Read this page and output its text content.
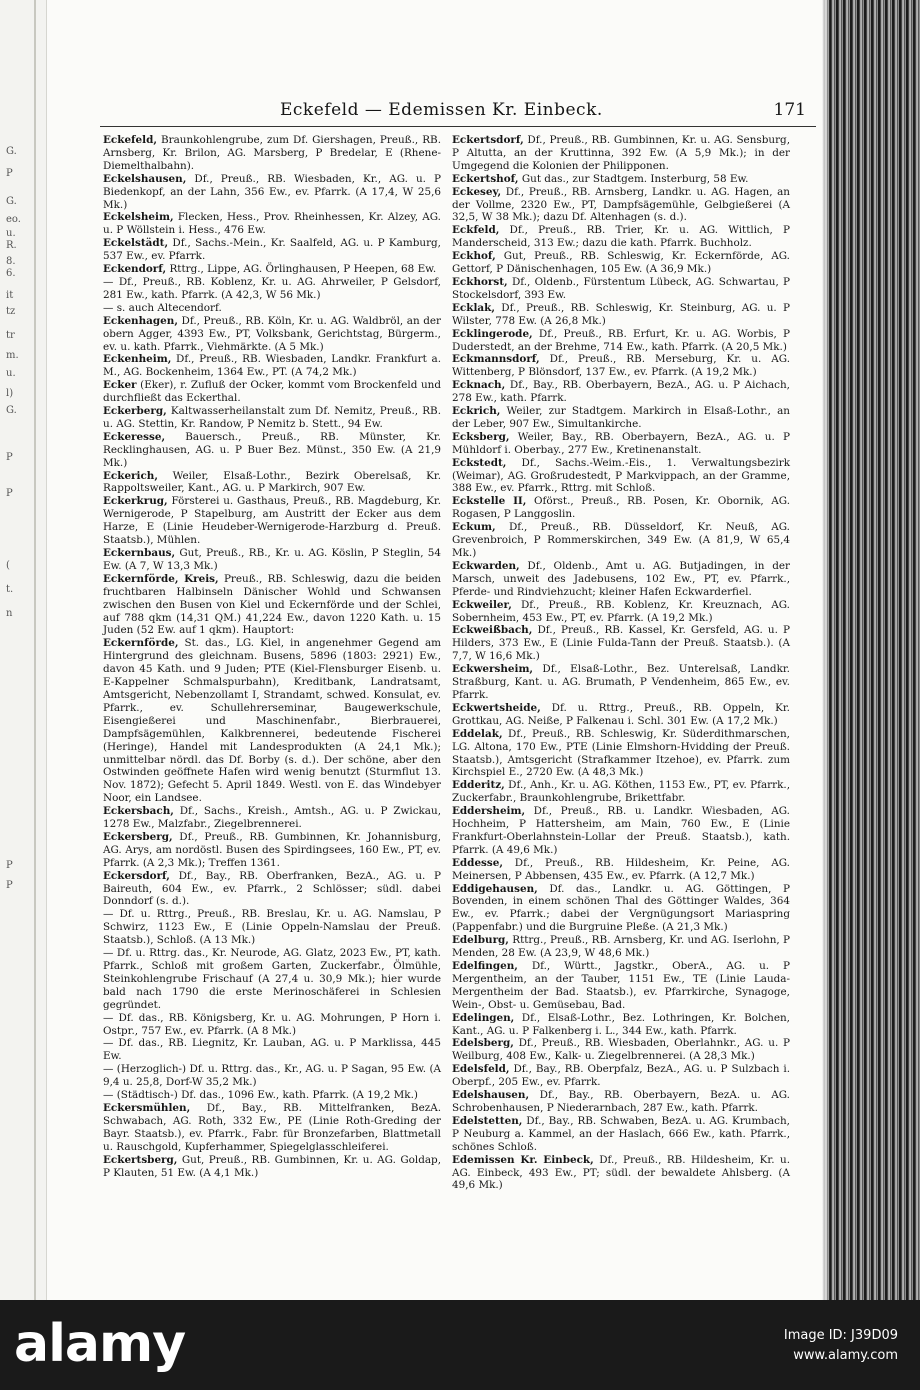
G.
P
G.
eo.
u.
R.
8.
6.
it
tz
tr
m.
u.
l)
G.
P
P
(
t.
n
P
P
Eckefeld — Edemissen Kr. Einbeck.	171

Eckefeld, Braunkohlengrube, zum Df. Giershagen, Preuß., RB. Arnsberg, Kr. Brilon, AG. Marsberg, P Bredelar, E (Rhene-Diemelthalbahn).

Eckelshausen, Df., Preuß., RB. Wiesbaden, Kr., AG. u. P Biedenkopf, an der Lahn, 356 Ew., ev. Pfarrk. (A 17,4, W 25,6 Mk.)

Eckelsheim, Flecken, Hess., Prov. Rheinhessen, Kr. Alzey, AG. u. P Wöllstein i. Hess., 476 Ew.

Eckelstädt, Df., Sachs.-Mein., Kr. Saalfeld, AG. u. P Kamburg, 537 Ew., ev. Pfarrk.

Eckendorf, Rttrg., Lippe, AG. Örlinghausen, P Heepen, 68 Ew.

— Df., Preuß., RB. Koblenz, Kr. u. AG. Ahrweiler, P Gelsdorf, 281 Ew., kath. Pfarrk. (A 42,3, W 56 Mk.)

— s. auch Altecendorf.

Eckenhagen, Df., Preuß., RB. Köln, Kr. u. AG. Waldbröl, an der obern Agger, 4393 Ew., PT, Volksbank, Gerichtstag, Bürgerm., ev. u. kath. Pfarrk., Viehmärkte. (A 5 Mk.)

Eckenheim, Df., Preuß., RB. Wiesbaden, Landkr. Frankfurt a. M., AG. Bockenheim, 1364 Ew., PT. (A 74,2 Mk.)

Ecker (Eker), r. Zufluß der Ocker, kommt vom Brockenfeld und durchfließt das Eckerthal.

Eckerberg, Kaltwasserheilanstalt zum Df. Nemitz, Preuß., RB. u. AG. Stettin, Kr. Randow, P Nemitz b. Stett., 94 Ew.

Eckeresse, Bauersch., Preuß., RB. Münster, Kr. Recklinghausen, AG. u. P Buer Bez. Münst., 350 Ew. (A 21,9 Mk.)

Eckerich, Weiler, Elsaß-Lothr., Bezirk Oberelsaß, Kr. Rappoltsweiler, Kant., AG. u. P Markirch, 907 Ew.

Eckerkrug, Försterei u. Gasthaus, Preuß., RB. Magdeburg, Kr. Wernigerode, P Stapelburg, am Austritt der Ecker aus dem Harze, E (Linie Heudeber-Wernigerode-Harzburg d. Preuß. Staatsb.), Mühlen.

Eckernbaus, Gut, Preuß., RB., Kr. u. AG. Köslin, P Steglin, 54 Ew. (A 7, W 13,3 Mk.)

Eckernförde, Kreis, Preuß., RB. Schleswig, dazu die beiden fruchtbaren Halbinseln Dänischer Wohld und Schwansen zwischen den Busen von Kiel und Eckernförde und der Schlei, auf 788 qkm (14,31 QM.) 41,224 Ew., davon 1220 Kath. u. 15 Juden (52 Ew. auf 1 qkm). Hauptort:

Eckernförde, St. das., LG. Kiel, in angenehmer Gegend am Hintergrund des gleichnam. Busens, 5896 (1803: 2921) Ew., davon 45 Kath. und 9 Juden; PTE (Kiel-Flensburger Eisenb. u. E-Kappelner Schmalspurbahn), Kreditbank, Landratsamt, Amtsgericht, Nebenzollamt I, Strandamt, schwed. Konsulat, ev. Pfarrk., ev. Schullehrerseminar, Baugewerkschule, Eisengießerei und Maschinenfabr., Bierbrauerei, Dampfsägemühlen, Kalkbrennerei, bedeutende Fischerei (Heringe), Handel mit Landesprodukten (A 24,1 Mk.); unmittelbar nördl. das Df. Borby (s. d.). Der schöne, aber den Ostwinden geöffnete Hafen wird wenig benutzt (Sturmflut 13. Nov. 1872); Gefecht 5. April 1849. Westl. von E. das Windebyer Noor, ein Landsee.

Eckersbach, Df., Sachs., Kreish., Amtsh., AG. u. P Zwickau, 1278 Ew., Malzfabr., Ziegelbrennerei.

Eckersberg, Df., Preuß., RB. Gumbinnen, Kr. Johannisburg, AG. Arys, am nordöstl. Busen des Spirdingsees, 160 Ew., PT, ev. Pfarrk. (A 2,3 Mk.); Treffen 1361.

Eckersdorf, Df., Bay., RB. Oberfranken, BezA., AG. u. P Baireuth, 604 Ew., ev. Pfarrk., 2 Schlösser; südl. dabei Donndorf (s. d.).

— Df. u. Rttrg., Preuß., RB. Breslau, Kr. u. AG. Namslau, P Schwirz, 1123 Ew., E (Linie Oppeln-Namslau der Preuß. Staatsb.), Schloß. (A 13 Mk.)

— Df. u. Rttrg. das., Kr. Neurode, AG. Glatz, 2023 Ew., PT, kath. Pfarrk., Schloß mit großem Garten, Zuckerfabr., Ölmühle, Steinkohlengrube Frischauf (A 27,4 u. 30,9 Mk.); hier wurde bald nach 1790 die erste Merinoschäferei in Schlesien gegründet.

— Df. das., RB. Königsberg, Kr. u. AG. Mohrungen, P Horn i. Ostpr., 757 Ew., ev. Pfarrk. (A 8 Mk.)

— Df. das., RB. Liegnitz, Kr. Lauban, AG. u. P Marklissa, 445 Ew.

— (Herzoglich-) Df. u. Rttrg. das., Kr., AG. u. P Sagan, 95 Ew. (A 9,4 u. 25,8, Dorf-W 35,2 Mk.)

— (Städtisch-) Df. das., 1096 Ew., kath. Pfarrk. (A 19,2 Mk.)

Eckersmühlen, Df., Bay., RB. Mittelfranken, BezA. Schwabach, AG. Roth, 332 Ew., PE (Linie Roth-Greding der Bayr. Staatsb.), ev. Pfarrk., Fabr. für Bronzefarben, Blattmetall u. Rauschgold, Kupferhammer, Spiegelglasschleiferei.

Eckertsberg, Gut, Preuß., RB. Gumbinnen, Kr. u. AG. Goldap, P Klauten, 51 Ew. (A 4,1 Mk.)

Eckertsdorf, Df., Preuß., RB. Gumbinnen, Kr. u. AG. Sensburg, P Altutta, an der Kruttinna, 392 Ew. (A 5,9 Mk.); in der Umgegend die Kolonien der Philipponen.

Eckertshof, Gut das., zur Stadtgem. Insterburg, 58 Ew.

Eckesey, Df., Preuß., RB. Arnsberg, Landkr. u. AG. Hagen, an der Vollme, 2320 Ew., PT, Dampfsägemühle, Gelbgießerei (A 32,5, W 38 Mk.); dazu Df. Altenhagen (s. d.).

Eckfeld, Df., Preuß., RB. Trier, Kr. u. AG. Wittlich, P Manderscheid, 313 Ew.; dazu die kath. Pfarrk. Buchholz.

Eckhof, Gut, Preuß., RB. Schleswig, Kr. Eckernförde, AG. Gettorf, P Dänischenhagen, 105 Ew. (A 36,9 Mk.)

Eckhorst, Df., Oldenb., Fürstentum Lübeck, AG. Schwartau, P Stockelsdorf, 393 Ew.

Ecklak, Df., Preuß., RB. Schleswig, Kr. Steinburg, AG. u. P Wilster, 778 Ew. (A 26,8 Mk.)

Ecklingerode, Df., Preuß., RB. Erfurt, Kr. u. AG. Worbis, P Duderstedt, an der Brehme, 714 Ew., kath. Pfarrk. (A 20,5 Mk.)

Eckmannsdorf, Df., Preuß., RB. Merseburg, Kr. u. AG. Wittenberg, P Blönsdorf, 137 Ew., ev. Pfarrk. (A 19,2 Mk.)

Ecknach, Df., Bay., RB. Oberbayern, BezA., AG. u. P Aichach, 278 Ew., kath. Pfarrk.

Eckrich, Weiler, zur Stadtgem. Markirch in Elsaß-Lothr., an der Leber, 907 Ew., Simultankirche.

Ecksberg, Weiler, Bay., RB. Oberbayern, BezA., AG. u. P Mühldorf i. Oberbay., 277 Ew., Kretinenanstalt.

Eckstedt, Df., Sachs.-Weim.-Eis., 1. Verwaltungsbezirk (Weimar), AG. Großrudestedt, P Markvippach, an der Gramme, 388 Ew., ev. Pfarrk., Rttrg. mit Schloß.

Eckstelle II, Oförst., Preuß., RB. Posen, Kr. Obornik, AG. Rogasen, P Langgoslin.

Eckum, Df., Preuß., RB. Düsseldorf, Kr. Neuß, AG. Grevenbroich, P Rommerskirchen, 349 Ew. (A 81,9, W 65,4 Mk.)

Eckwarden, Df., Oldenb., Amt u. AG. Butjadingen, in der Marsch, unweit des Jadebusens, 102 Ew., PT, ev. Pfarrk., Pferde- und Rindviehzucht; kleiner Hafen Eckwarderfiel.

Eckweiler, Df., Preuß., RB. Koblenz, Kr. Kreuznach, AG. Sobernheim, 453 Ew., PT, ev. Pfarrk. (A 19,2 Mk.)

Eckweißbach, Df., Preuß., RB. Kassel, Kr. Gersfeld, AG. u. P Hilders, 373 Ew., E (Linie Fulda-Tann der Preuß. Staatsb.). (A 7,7, W 16,6 Mk.)

Eckwersheim, Df., Elsaß-Lothr., Bez. Unterelsaß, Landkr. Straßburg, Kant. u. AG. Brumath, P Vendenheim, 865 Ew., ev. Pfarrk.

Eckwertsheide, Df. u. Rttrg., Preuß., RB. Oppeln, Kr. Grottkau, AG. Neiße, P Falkenau i. Schl. 301 Ew. (A 17,2 Mk.)

Eddelak, Df., Preuß., RB. Schleswig, Kr. Süderdithmarschen, LG. Altona, 170 Ew., PTE (Linie Elmshorn-Hvidding der Preuß. Staatsb.), Amtsgericht (Strafkammer Itzehoe), ev. Pfarrk. zum Kirchspiel E., 2720 Ew. (A 48,3 Mk.)

Edderitz, Df., Anh., Kr. u. AG. Köthen, 1153 Ew., PT, ev. Pfarrk., Zuckerfabr., Braunkohlengrube, Brikettfabr.

Eddersheim, Df., Preuß., RB. u. Landkr. Wiesbaden, AG. Hochheim, P Hattersheim, am Main, 760 Ew., E (Linie Frankfurt-Oberlahnstein-Lollar der Preuß. Staatsb.), kath. Pfarrk. (A 49,6 Mk.)

Eddesse, Df., Preuß., RB. Hildesheim, Kr. Peine, AG. Meinersen, P Abbensen, 435 Ew., ev. Pfarrk. (A 12,7 Mk.)

Eddigehausen, Df. das., Landkr. u. AG. Göttingen, P Bovenden, in einem schönen Thal des Göttinger Waldes, 364 Ew., ev. Pfarrk.; dabei der Vergnügungsort Mariaspring (Pappenfabr.) und die Burgruine Pleße. (A 21,3 Mk.)

Edelburg, Rttrg., Preuß., RB. Arnsberg, Kr. und AG. Iserlohn, P Menden, 28 Ew. (A 23,9, W 48,6 Mk.)

Edelfingen, Df., Württ., Jagstkr., OberA., AG. u. P Mergentheim, an der Tauber, 1151 Ew., TE (Linie Lauda-Mergentheim der Bad. Staatsb.), ev. Pfarrkirche, Synagoge, Wein-, Obst- u. Gemüsebau, Bad.

Edelingen, Df., Elsaß-Lothr., Bez. Lothringen, Kr. Bolchen, Kant., AG. u. P Falkenberg i. L., 344 Ew., kath. Pfarrk.

Edelsberg, Df., Preuß., RB. Wiesbaden, Oberlahnkr., AG. u. P Weilburg, 408 Ew., Kalk- u. Ziegelbrennerei. (A 28,3 Mk.)

Edelsfeld, Df., Bay., RB. Oberpfalz, BezA., AG. u. P Sulzbach i. Oberpf., 205 Ew., ev. Pfarrk.

Edelshausen, Df., Bay., RB. Oberbayern, BezA. u. AG. Schrobenhausen, P Niederarnbach, 287 Ew., kath. Pfarrk.

Edelstetten, Df., Bay., RB. Schwaben, BezA. u. AG. Krumbach, P Neuburg a. Kammel, an der Haslach, 666 Ew., kath. Pfarrk., schönes Schloß.

Edemissen Kr. Einbeck, Df., Preuß., RB. Hildesheim, Kr. u. AG. Einbeck, 493 Ew., PT; südl. der bewaldete Ahlsberg. (A 49,6 Mk.)

alamy	Image ID: J39D09
www.alamy.com
